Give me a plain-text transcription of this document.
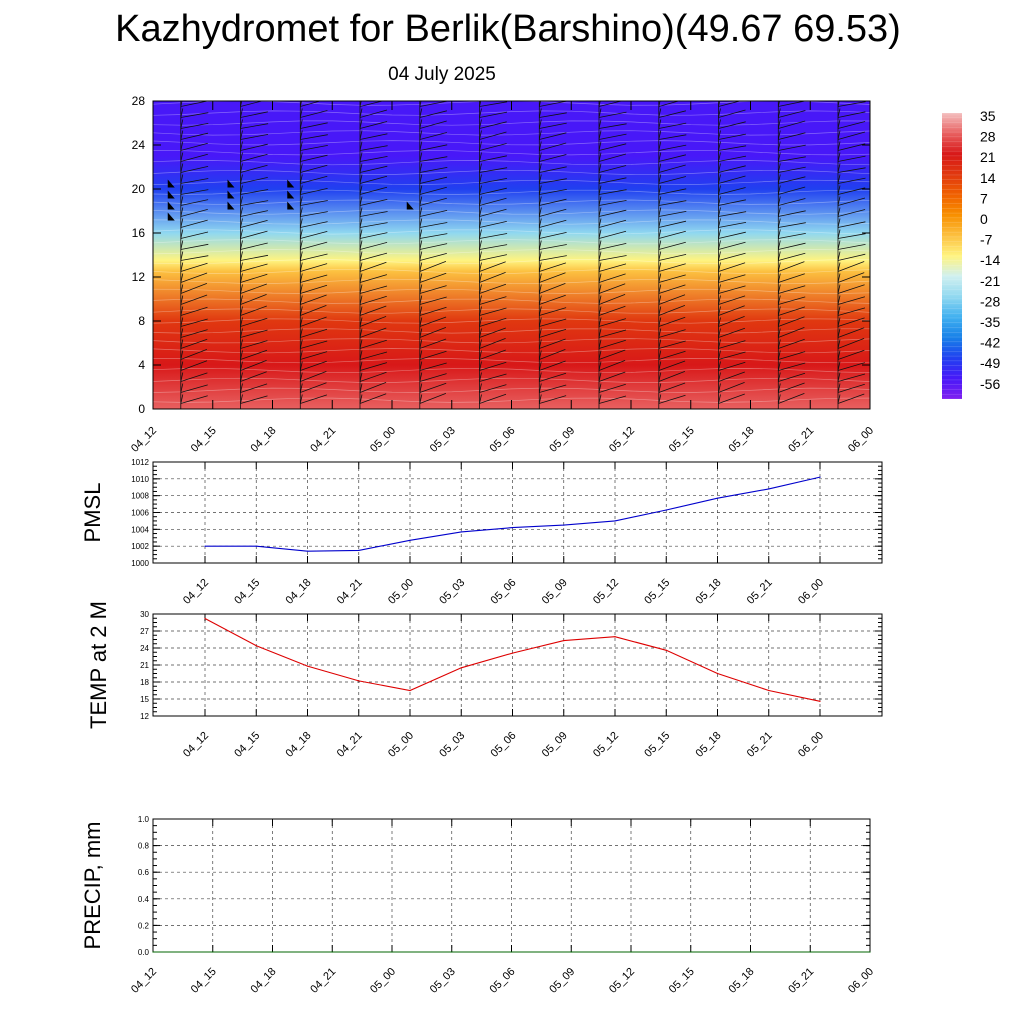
0
4
8
12
16
20
24
28
04_12	04_15	04_18	04_21	05_00	05_03	05_06	05_09	05_12	05_15	05_18	05_21	06_00
35
28
21
14
7
0
-7
-14
-21
-28
-35
-42
-49
-56
1000
1002
1004
1006
1008
1010
1012
04_12 04_15 04_18 04_21 05_00 05_03 05_06 05_09 05_12 05_15 05_18 05_21 06_00
PMSL
12
15
18
21
24
27
30
04_12 04_15 04_18 04_21 05_00 05_03 05_06 05_09 05_12 05_15 05_18 05_21 06_00
TEMP at 2 M
0.0
0.2
0.4
0.6
0.8
1.0
04_12	04_15	04_18	04_21	05_00	05_03	05_06	05_09	05_12	05_15	05_18	05_21	06_00
PRECIP, mm
Kazhydromet for Berlik(Barshino)(49.67 69.53)
04 July 2025
